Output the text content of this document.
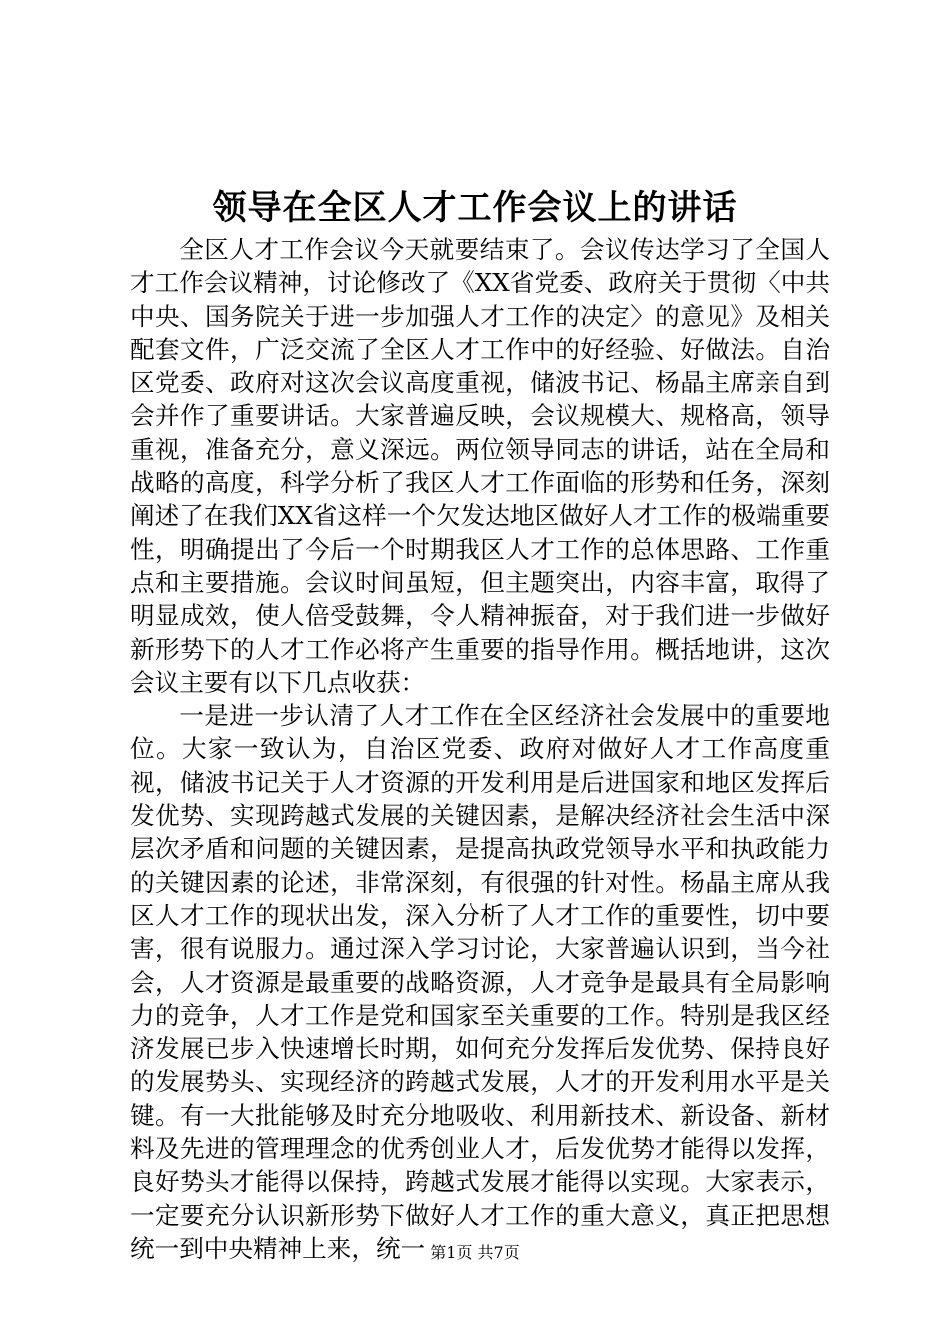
领导在全区人才工作会议上的讲话

全区人才工作会议今天就要结束了。会议传达学习了全国人才工作会议精神，讨论修改了《XX省党委、政府关于贯彻〈中共中央、国务院关于进一步加强人才工作的决定〉的意见》及相关配套文件，广泛交流了全区人才工作中的好经验、好做法。自治区党委、政府对这次会议高度重视，储波书记、杨晶主席亲自到会并作了重要讲话。大家普遍反映，会议规模大、规格高，领导重视，准备充分，意义深远。两位领导同志的讲话，站在全局和战略的高度，科学分析了我区人才工作面临的形势和任务，深刻阐述了在我们XX省这样一个欠发达地区做好人才工作的极端重要性，明确提出了今后一个时期我区人才工作的总体思路、工作重点和主要措施。会议时间虽短，但主题突出，内容丰富，取得了明显成效，使人倍受鼓舞，令人精神振奋，对于我们进一步做好新形势下的人才工作必将产生重要的指导作用。概括地讲，这次会议主要有以下几点收获：

一是进一步认清了人才工作在全区经济社会发展中的重要地位。大家一致认为，自治区党委、政府对做好人才工作高度重视，储波书记关于人才资源的开发利用是后进国家和地区发挥后发优势、实现跨越式发展的关键因素，是解决经济社会生活中深层次矛盾和问题的关键因素，是提高执政党领导水平和执政能力的关键因素的论述，非常深刻，有很强的针对性。杨晶主席从我区人才工作的现状出发，深入分析了人才工作的重要性，切中要害，很有说服力。通过深入学习讨论，大家普遍认识到，当今社会，人才资源是最重要的战略资源，人才竞争是最具有全局影响力的竞争，人才工作是党和国家至关重要的工作。特别是我区经济发展已步入快速增长时期，如何充分发挥后发优势、保持良好的发展势头、实现经济的跨越式发展，人才的开发利用水平是关键。有一大批能够及时充分地吸收、利用新技术、新设备、新材料及先进的管理理念的优秀创业人才，后发优势才能得以发挥，良好势头才能得以保持，跨越式发展才能得以实现。大家表示，一定要充分认识新形势下做好人才工作的重大意义，真正把思想统一到中央精神上来，统一 第1页 共7页
